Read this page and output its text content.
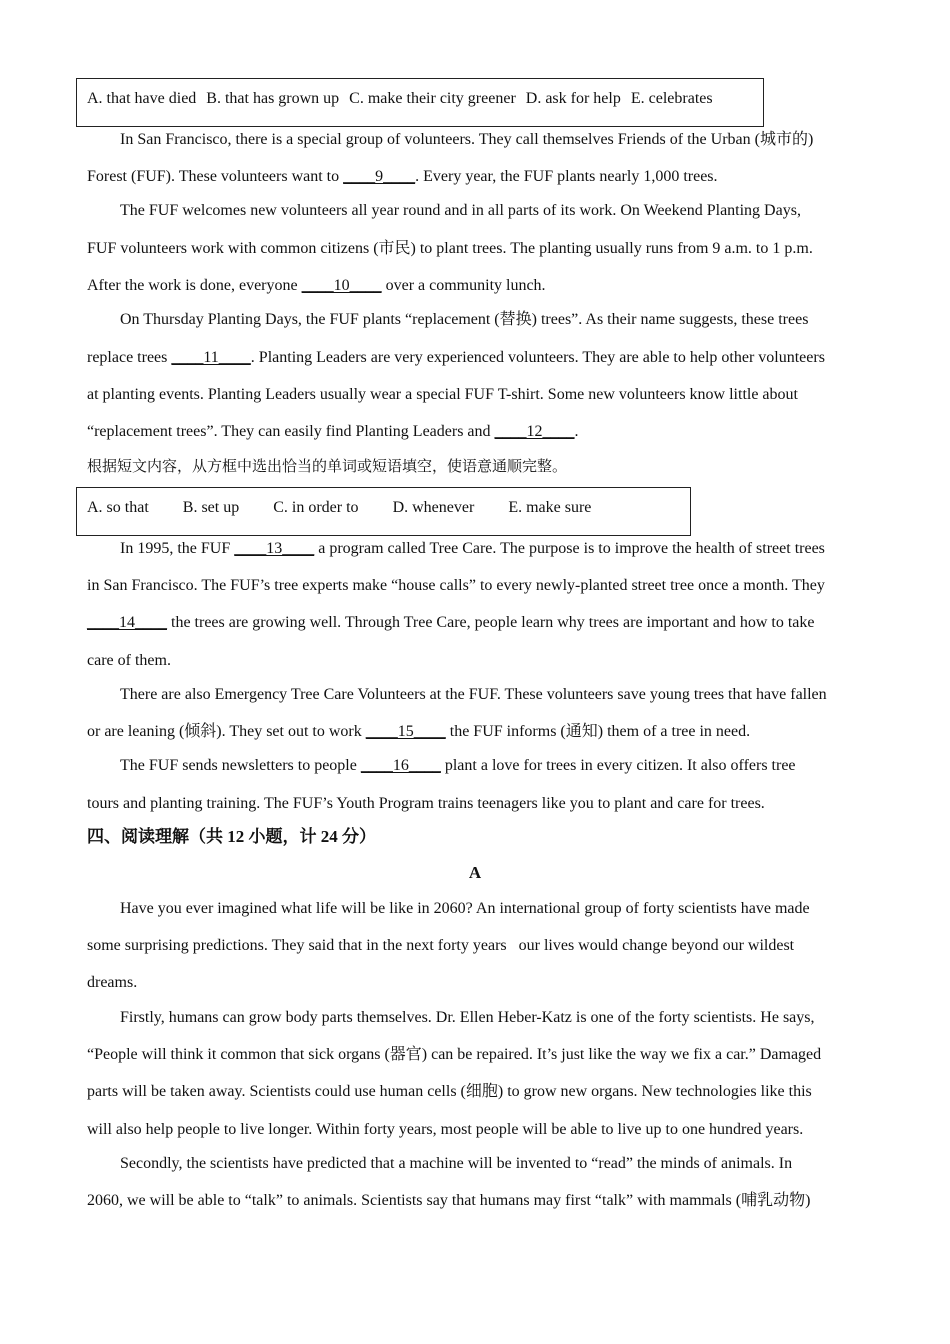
A. that have died B. that has grown up C. make their city greener D. ask for help E. celebrates
In San Francisco, there is a special group of volunteers. They call themselves Friends of the Urban (城市的)
Forest (FUF). These volunteers want to ____9____. Every year, the FUF plants nearly 1,000 trees.
The FUF welcomes new volunteers all year round and in all parts of its work. On Weekend Planting Days,
FUF volunteers work with common citizens (市民) to plant trees. The planting usually runs from 9 a.m. to 1 p.m.
After the work is done, everyone ____10____ over a community lunch.
On Thursday Planting Days, the FUF plants “replacement (替换) trees”. As their name suggests, these trees
replace trees ____11____. Planting Leaders are very experienced volunteers. They are able to help other volunteers
at planting events. Planting Leaders usually wear a special FUF T-shirt. Some new volunteers know little about
“replacement trees”. They can easily find Planting Leaders and ____12____.
根据短文内容，从方框中选出恰当的单词或短语填空，使语意通顺完整。
A. so that B. set up C. in order to D. whenever E. make sure
In 1995, the FUF ____13____ a program called Tree Care. The purpose is to improve the health of street trees
in San Francisco. The FUF’s tree experts make “house calls” to every newly-planted street tree once a month. They
____14____ the trees are growing well. Through Tree Care, people learn why trees are important and how to take
care of them.
There are also Emergency Tree Care Volunteers at the FUF. These volunteers save young trees that have fallen
or are leaning (倾斜). They set out to work ____15____ the FUF informs (通知) them of a tree in need.
The FUF sends newsletters to people ____16____ plant a love for trees in every citizen. It also offers tree
tours and planting training. The FUF’s Youth Program trains teenagers like you to plant and care for trees.
四、阅读理解（共 12 小题，计 24 分）
A
Have you ever imagined what life will be like in 2060? An international group of forty scientists have made
some surprising predictions. They said that in the next forty years   our lives would change beyond our wildest
dreams.
Firstly, humans can grow body parts themselves. Dr. Ellen Heber-Katz is one of the forty scientists. He says,
“People will think it common that sick organs (器官) can be repaired. It’s just like the way we fix a car.” Damaged
parts will be taken away. Scientists could use human cells (细胞) to grow new organs. New technologies like this
will also help people to live longer. Within forty years, most people will be able to live up to one hundred years.
Secondly, the scientists have predicted that a machine will be invented to “read” the minds of animals. In
2060, we will be able to “talk” to animals. Scientists say that humans may first “talk” with mammals (哺乳动物)
